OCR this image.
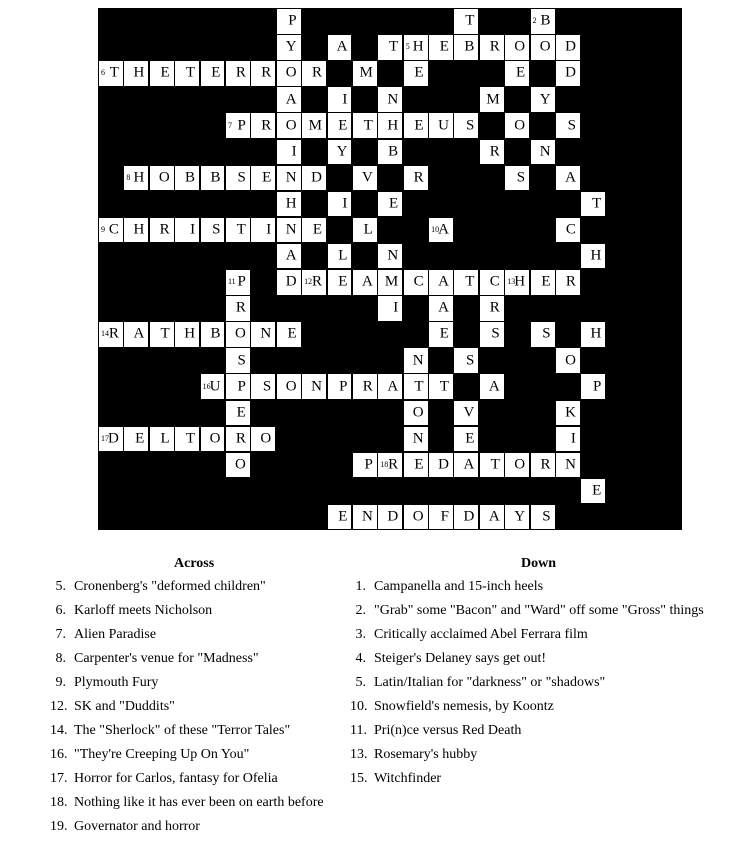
P	T	2 B
Y	A	T 5 H E B R O O D
6 T H E T E R R O R M	E	E	D
A	I	N	M	Y
7 P R O M E T H E U S	O	S
I	Y	B	R	N
8 H O B B S E N D	V	R	S	A
H	I	E	T
9 C H R I S T I N E	L	10 A	C
A	L	N	H
11 P	D 12 R E A M C A T C 13 H E R
R	I	A	R
14 R A T H B O N E	E	S	S	H
S	N	S	O
16 U P S O N P R A T T	A	P
E	O	V	K
17 D E L T O R O	N	E	I
O	P 18 R E D A T O R N
E
E N D O F D A Y S
Across	Down
5. Cronenberg's "deformed children"
6. Karloff meets Nicholson
7. Alien Paradise
8. Carpenter's venue for "Madness"
9. Plymouth Fury
12. SK and "Duddits"
14. The "Sherlock" of these "Terror Tales"
16. "They're Creeping Up On You"
17. Horror for Carlos, fantasy for Ofelia
18. Nothing like it has ever been on earth before
19. Governator and horror
1. Campanella and 15-inch heels
2. "Grab" some "Bacon" and "Ward" off some "Gross" things
3. Critically acclaimed Abel Ferrara film
4. Steiger's Delaney says get out!
5. Latin/Italian for "darkness" or "shadows"
10. Snowfield's nemesis, by Koontz
11. Pri(n)ce versus Red Death
13. Rosemary's hubby
15. Witchfinder
